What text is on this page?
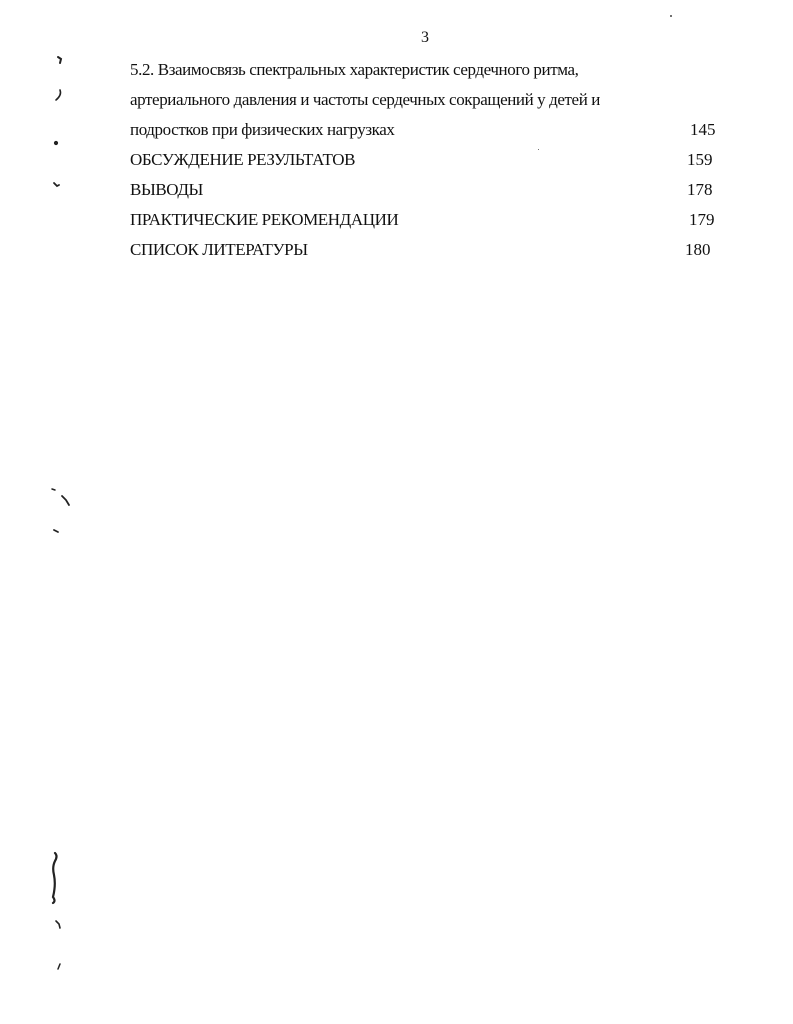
3
5.2. Взаимосвязь спектральных характеристик сердечного ритма,
артериального давления и частоты сердечных сокращений у детей и
подростков при физических нагрузках	145
ОБСУЖДЕНИЕ РЕЗУЛЬТАТОВ	159
ВЫВОДЫ	178
ПРАКТИЧЕСКИЕ РЕКОМЕНДАЦИИ	179
СПИСОК ЛИТЕРАТУРЫ	180
